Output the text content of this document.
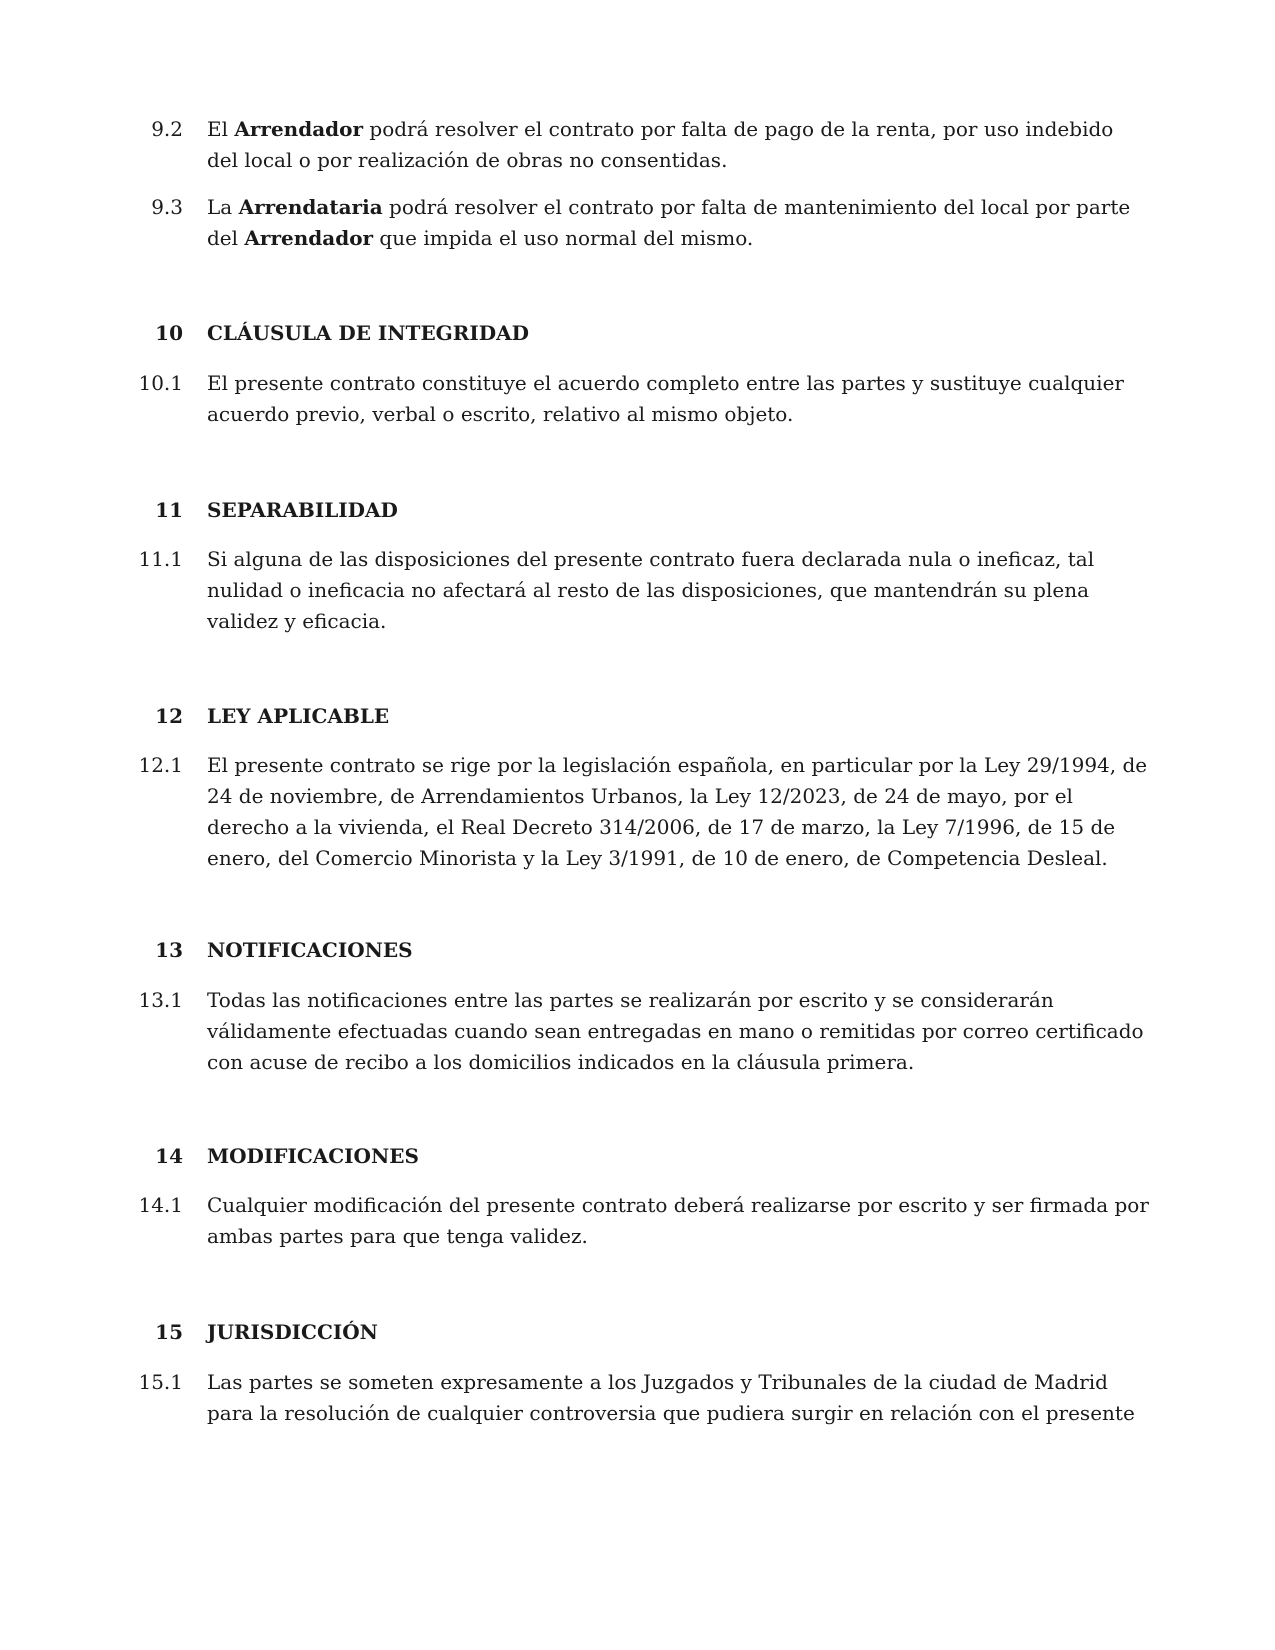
9.2	El Arrendador podrá resolver el contrato por falta de pago de la renta, por uso indebido del local o por realización de obras no consentidas.
9.3	La Arrendataria podrá resolver el contrato por falta de mantenimiento del local por parte del Arrendador que impida el uso normal del mismo.
10	CLÁUSULA DE INTEGRIDAD
10.1	El presente contrato constituye el acuerdo completo entre las partes y sustituye cualquier acuerdo previo, verbal o escrito, relativo al mismo objeto.
11	SEPARABILIDAD
11.1	Si alguna de las disposiciones del presente contrato fuera declarada nula o ineficaz, tal nulidad o ineficacia no afectará al resto de las disposiciones, que mantendrán su plena validez y eficacia.
12	LEY APLICABLE
12.1	El presente contrato se rige por la legislación española, en particular por la Ley 29/1994, de 24 de noviembre, de Arrendamientos Urbanos, la Ley 12/2023, de 24 de mayo, por el derecho a la vivienda, el Real Decreto 314/2006, de 17 de marzo, la Ley 7/1996, de 15 de enero, del Comercio Minorista y la Ley 3/1991, de 10 de enero, de Competencia Desleal.
13	NOTIFICACIONES
13.1	Todas las notificaciones entre las partes se realizarán por escrito y se considerarán válidamente efectuadas cuando sean entregadas en mano o remitidas por correo certificado con acuse de recibo a los domicilios indicados en la cláusula primera.
14	MODIFICACIONES
14.1	Cualquier modificación del presente contrato deberá realizarse por escrito y ser firmada por ambas partes para que tenga validez.
15	JURISDICCIÓN
15.1	Las partes se someten expresamente a los Juzgados y Tribunales de la ciudad de Madrid para la resolución de cualquier controversia que pudiera surgir en relación con el presente
